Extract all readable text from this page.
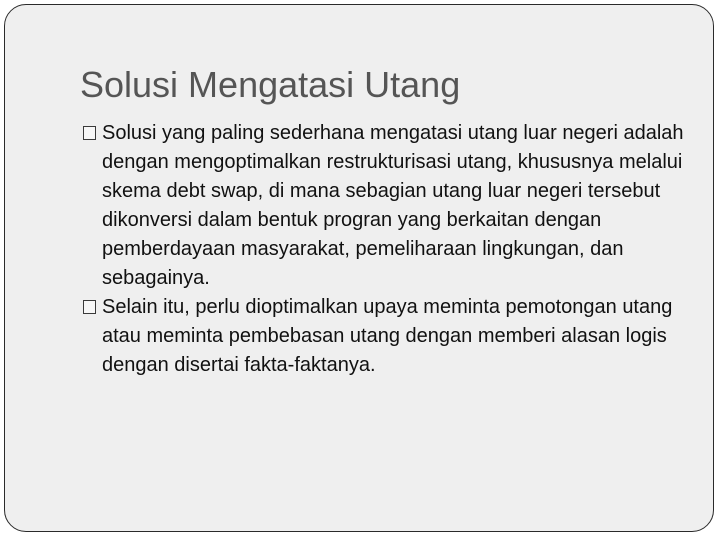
Solusi Mengatasi Utang
Solusi yang paling sederhana mengatasi utang luar negeri adalah dengan mengoptimalkan restrukturisasi utang, khususnya melalui skema debt swap, di mana sebagian utang luar negeri tersebut dikonversi dalam bentuk progran yang berkaitan dengan pemberdayaan masyarakat, pemeliharaan lingkungan, dan sebagainya.
Selain itu, perlu dioptimalkan upaya meminta pemotongan utang atau meminta pembebasan utang dengan memberi alasan logis dengan disertai fakta-faktanya.
